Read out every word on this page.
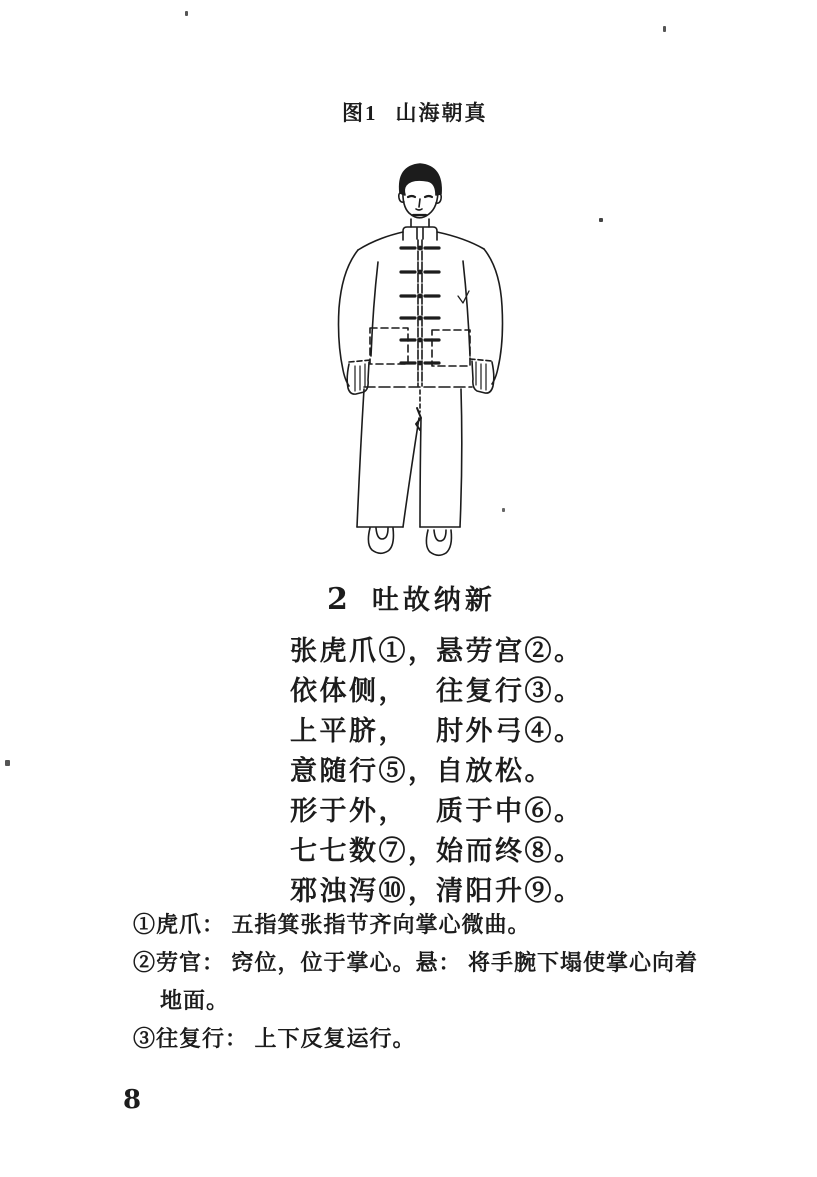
图1 山海朝真
2 吐故纳新
张虎爪①，悬劳宫②。
依体侧， 往复行③。
上平脐， 肘外弓④。
意随行⑤，自放松。
形于外， 质于中⑥。
七七数⑦，始而终⑧。
邪浊泻⑩，清阳升⑨。
①虎爪： 五指箕张指节齐向掌心微曲。
②劳官： 窍位，位于掌心。悬： 将手腕下塌使掌心向着
地面。
③往复行： 上下反复运行。
8
